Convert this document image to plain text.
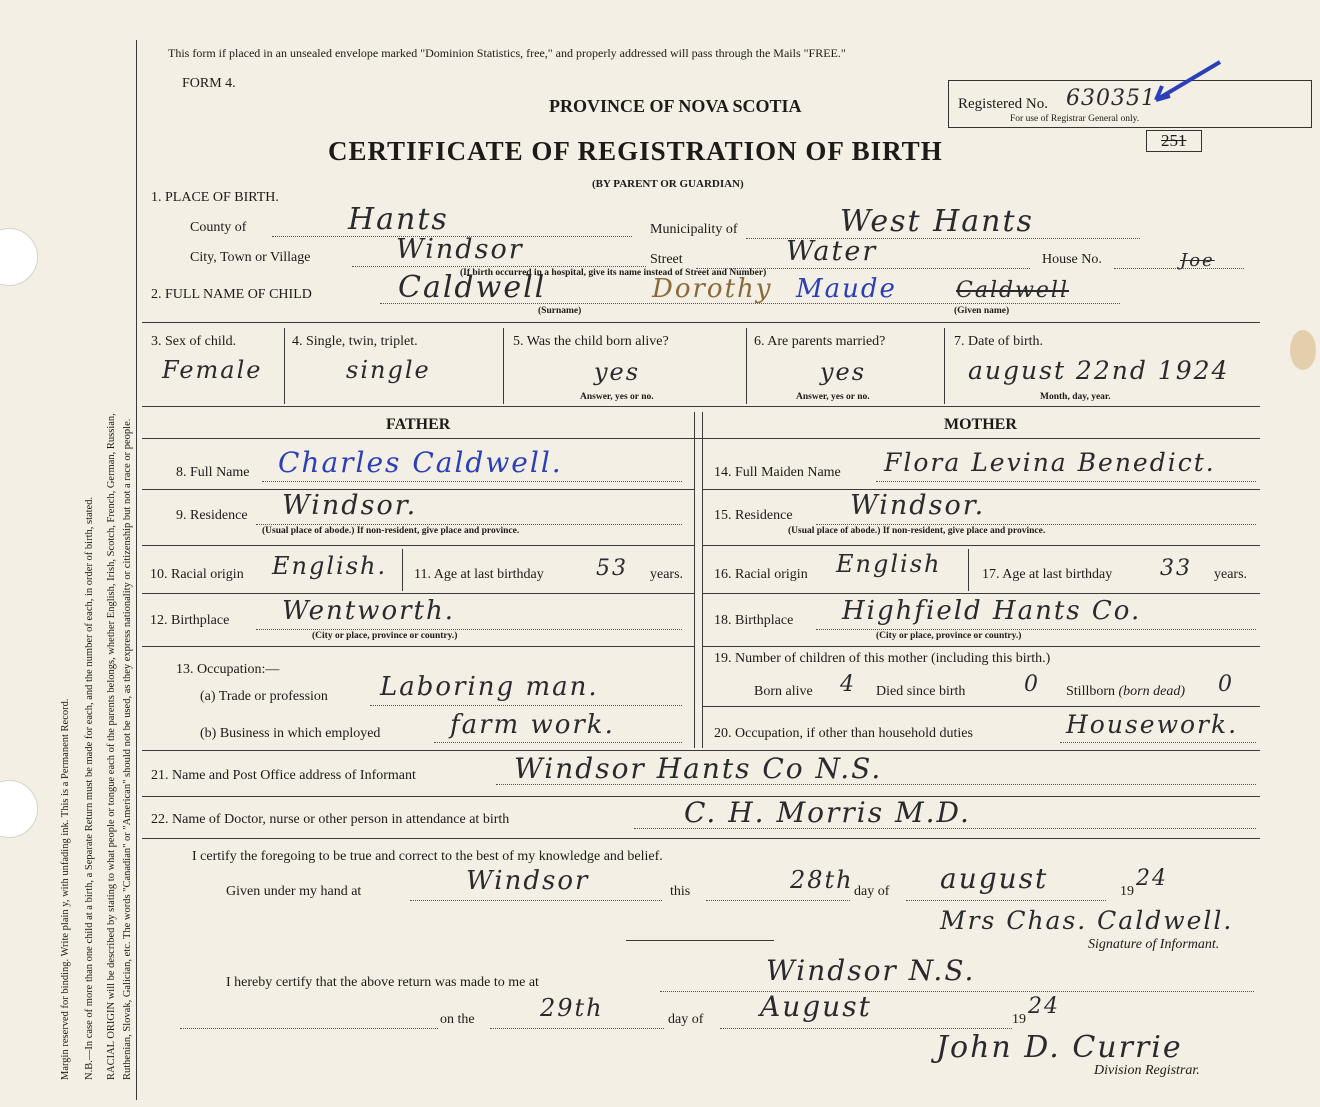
Margin reserved for binding. Write plain y, with unfading ink. This is a Permanent Record. N.B.—In case of more than one child at a birth, a Separate Return must be made for each, and the number of each, in order of birth, stated. RACIAL ORIGIN will be described by stating to what people or tongue each of the parents belongs, whether English, Irish, Scotch, French, German, Russian, Ruthenian, Slovak, Galician, etc. The words "Canadian" or "American" should not be used, as they express nationality or citizenship but not a race or people.
This form if placed in an unsealed envelope marked "Dominion Statistics, free," and properly addressed will pass through the Mails "FREE."
FORM 4.
PROVINCE OF NOVA SCOTIA
CERTIFICATE OF REGISTRATION OF BIRTH
(BY PARENT OR GUARDIAN)
Registered No. 630351
For use of Registrar General only.
251
1. PLACE OF BIRTH.
County of	Hants	Municipality of	West Hants
City, Town or Village	Windsor	Street	Water	House No.	Joe
(If birth occurred in a hospital, give its name instead of Street and Number)
2. FULL NAME OF CHILD	Caldwell	Dorothy Maude	Caldwell
(Surname)	(Given name)
3. Sex of child.
Female
4. Single, twin, triplet.
single
5. Was the child born alive?
yes
Answer, yes or no.
6. Are parents married?
yes
Answer, yes or no.
7. Date of birth.
august 22nd 1924
Month, day, year.
FATHER	MOTHER
8. Full Name Charles Caldwell.	14. Full Maiden Name Flora Levina Benedict.
9. Residence Windsor.
(Usual place of abode.) If non-resident, give place and province.
15. Residence Windsor.
(Usual place of abode.) If non-resident, give place and province.
10. Racial origin English. 11. Age at last birthday 53 years. 16. Racial origin English	17. Age at last birthday 33 years.
12. Birthplace Wentworth.
(City or place, province or country.)
18. Birthplace Highfield Hants Co.
(City or place, province or country.)
13. Occupation:—
(a) Trade or profession Laboring man.
(b) Business in which employed	farm work.
19. Number of children of this mother (including this birth.)
Born alive 4 Died since birth	0 Stillborn (born dead) 0
20. Occupation, if other than household duties	Housework.
21. Name and Post Office address of Informant	Windsor Hants Co N.S.
22. Name of Doctor, nurse or other person in attendance at birth	C. H. Morris M.D.
I certify the foregoing to be true and correct to the best of my knowledge and belief.
Given under my hand at	Windsor	this	28th day of august	19
24
Mrs Chas. Caldwell.
Signature of Informant.
I hereby certify that the above return was made to me at	Windsor N.S.
on the	29th	day of August	19
24
John D. Currie
Division Registrar.
